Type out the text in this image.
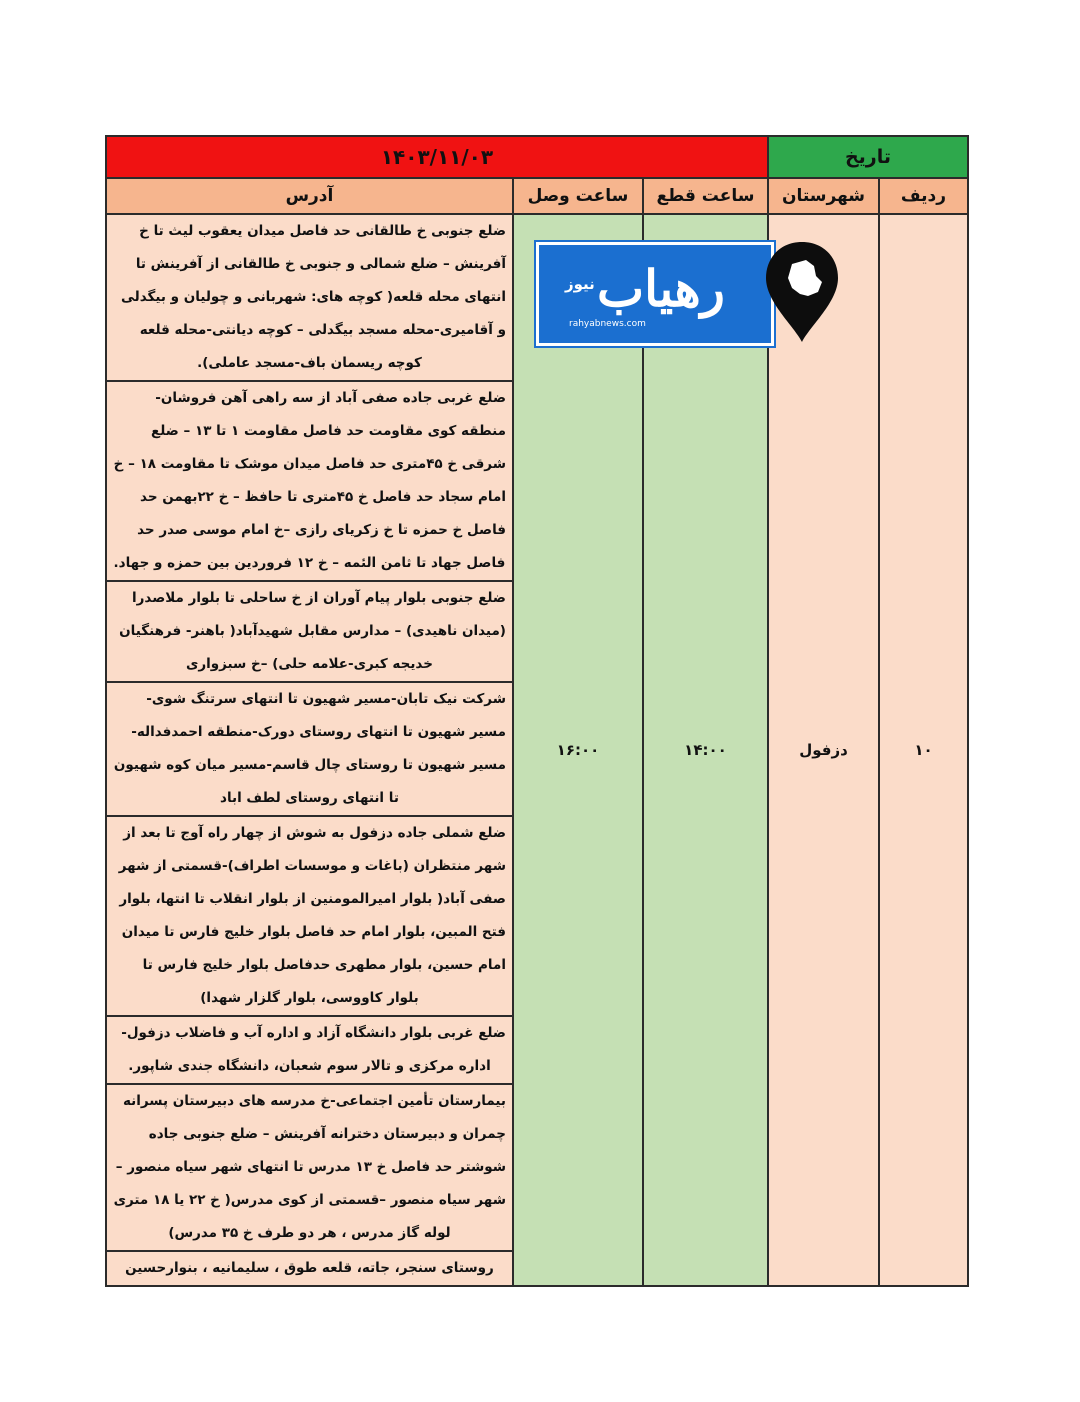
تاریخ		۱۴۰۳/۱۱/۰۳		
ردیف	شهرستان	ساعت قطع	ساعت وصل	آدرس
۱۰	دزفول	۱۴:۰۰	۱۶:۰۰	ضلع جنوبی خ طالقانی حد فاصل میدان یعقوب لیث تا خ آفرینش – ضلع شمالی و جنوبی خ طالقانی از آفرینش تا انتهای محله قلعه( کوچه های: شهربانی و چولیان و بیگدلی و آقامیری-محله مسجد بیگدلی – کوچه دیانتی-محله قلعه کوچه ریسمان باف-مسجد عاملی).
				ضلع غربی جاده صفی آباد از سه راهی آهن فروشان-منطقه کوی مقاومت حد فاصل مقاومت ۱ تا ۱۳ – ضلع شرقی خ ۴۵متری حد فاصل میدان موشک تا مقاومت ۱۸ – خ امام سجاد حد فاصل خ ۴۵متری تا حافظ – خ ۲۲بهمن حد فاصل خ حمزه تا خ زکریای رازی –خ امام موسی صدر حد فاصل جهاد تا ثامن الئمه – خ ۱۲ فروردین بین حمزه و جهاد.
				ضلع جنوبی بلوار پیام آوران از خ ساحلی تا بلوار ملاصدرا (میدان ناهیدی) – مدارس مقابل شهیدآباد( باهنر- فرهنگیان خدیجه کبری-علامه حلی) –خ سبزواری
				شرکت نیک تابان-مسیر شهیون تا انتهای سرتنگ شوی-مسیر شهیون تا انتهای روستای دورک-منطقه احمدفداله-مسیر شهیون تا روستای چال قاسم-مسیر میان کوه شهیون تا انتهای روستای لطف اباد
				ضلع شملی جاده دزفول به شوش از چهار راه آوج تا بعد از شهر منتظران (باغات و موسسات اطراف)-قسمتی از شهر صفی آباد( بلوار امیرالمومنین از بلوار انقلاب تا انتها، بلوار فتح المبین، بلوار امام حد فاصل بلوار خلیج فارس تا میدان امام حسین، بلوار مطهری حدفاصل بلوار خلیج فارس تا بلوار کاووسی، بلوار گلزار شهدا)
				ضلع غربی بلوار دانشگاه آزاد و اداره آب و فاضلاب دزفول- اداره مرکزی و تالار سوم شعبان، دانشگاه جندی شاپور.
				بیمارستان تأمین اجتماعی-خ مدرسه های دبیرستان پسرانه چمران و دبیرستان دخترانه آفرینش – ضلع جنوبی جاده شوشتر حد فاصل خ ۱۳ مدرس تا انتهای شهر سیاه منصور – شهر سیاه منصور –قسمتی از کوی مدرس( خ ۲۲ یا ۱۸ متری لوله گاز مدرس ، هر دو طرف خ ۳۵ مدرس)
				روستای سنجر، جاته، قلعه طوق ، سلیمانیه ، بنوارحسین
رهیاب
نیوز
rahyabnews.com
